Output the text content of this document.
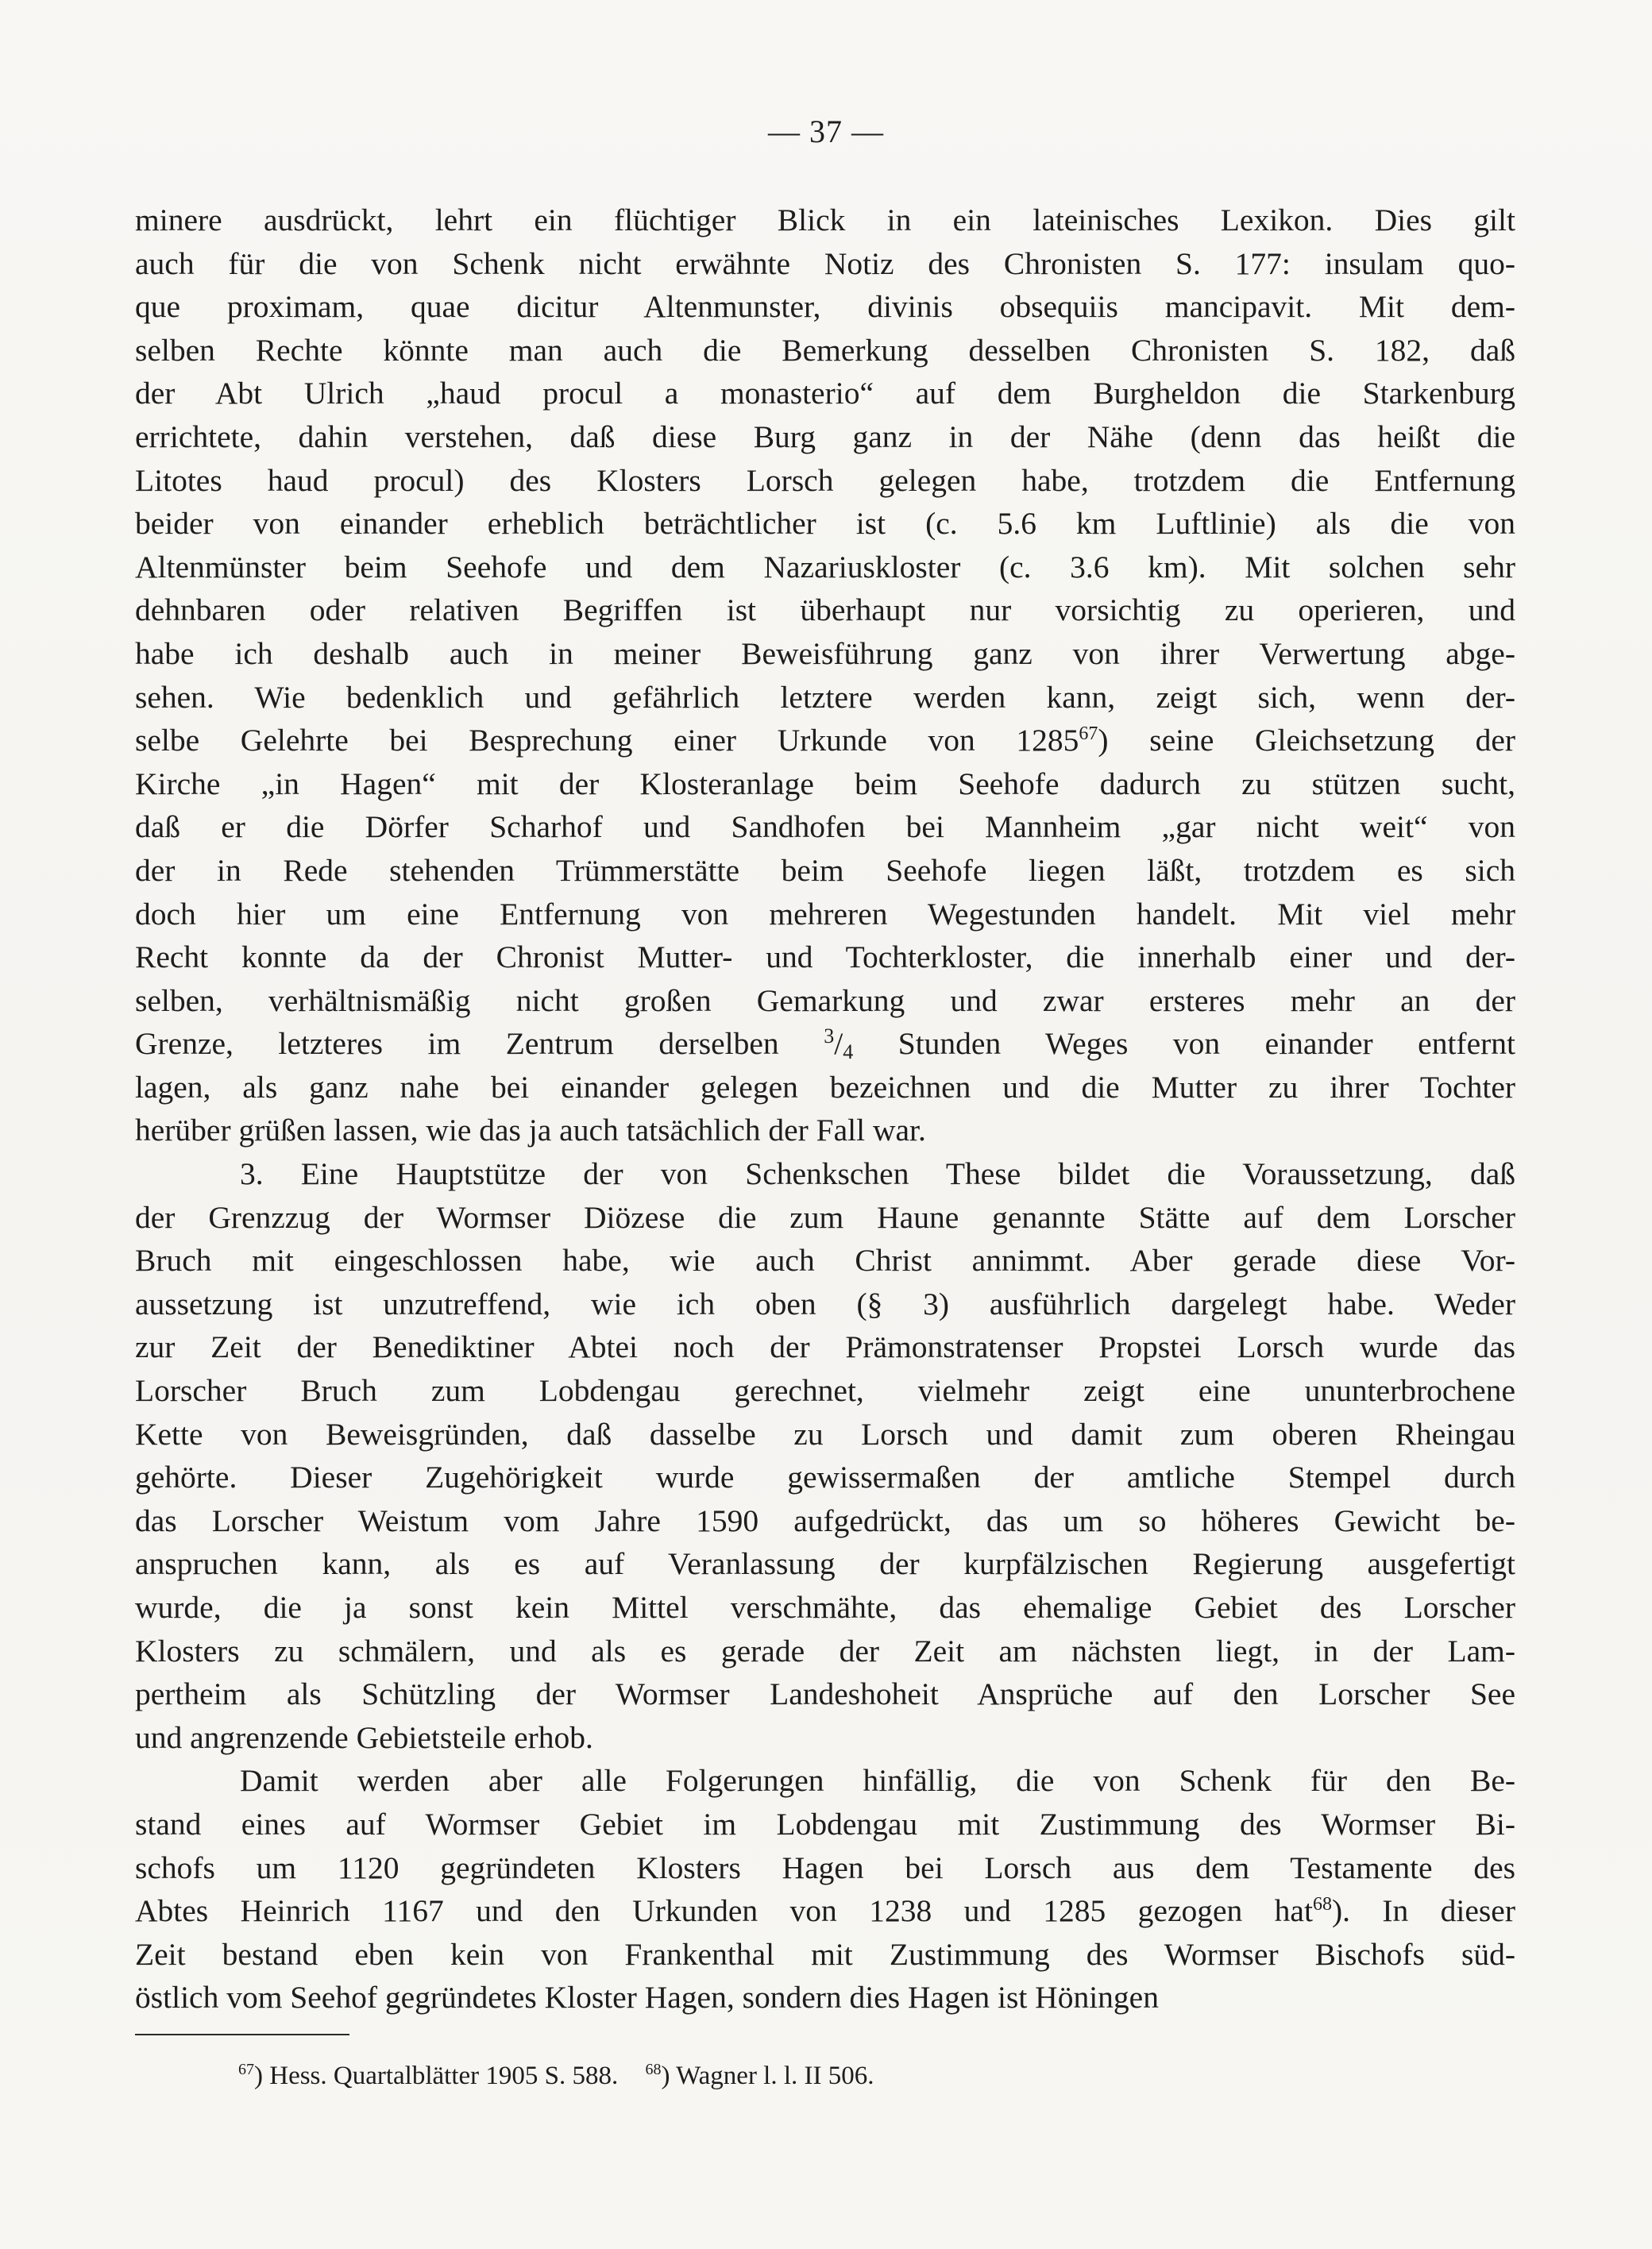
— 37 —
minere ausdrückt, lehrt ein flüchtiger Blick in ein lateinisches Lexikon. Dies gilt
auch für die von Schenk nicht erwähnte Notiz des Chronisten S. 177: insulam quo-
que proximam, quae dicitur Altenmunster, divinis obsequiis mancipavit. Mit dem-
selben Rechte könnte man auch die Bemerkung desselben Chronisten S. 182, daß
der Abt Ulrich „haud procul a monasterio“ auf dem Burgheldon die Starkenburg
errichtete, dahin verstehen, daß diese Burg ganz in der Nähe (denn das heißt die
Litotes haud procul) des Klosters Lorsch gelegen habe, trotzdem die Entfernung
beider von einander erheblich beträchtlicher ist (c. 5.6 km Luftlinie) als die von
Altenmünster beim Seehofe und dem Nazariuskloster (c. 3.6 km). Mit solchen sehr
dehnbaren oder relativen Begriffen ist überhaupt nur vorsichtig zu operieren, und
habe ich deshalb auch in meiner Beweisführung ganz von ihrer Verwertung abge-
sehen. Wie bedenklich und gefährlich letztere werden kann, zeigt sich, wenn der-
selbe Gelehrte bei Besprechung einer Urkunde von 1285$^{67}$) seine Gleichsetzung der
Kirche „in Hagen“ mit der Klosteranlage beim Seehofe dadurch zu stützen sucht,
daß er die Dörfer Scharhof und Sandhofen bei Mannheim „gar nicht weit“ von
der in Rede stehenden Trümmerstätte beim Seehofe liegen läßt, trotzdem es sich
doch hier um eine Entfernung von mehreren Wegestunden handelt. Mit viel mehr
Recht konnte da der Chronist Mutter- und Tochterkloster, die innerhalb einer und der-
selben, verhältnismäßig nicht großen Gemarkung und zwar ersteres mehr an der
Grenze, letzteres im Zentrum derselben $^3$/4 Stunden Weges von einander entfernt
lagen, als ganz nahe bei einander gelegen bezeichnen und die Mutter zu ihrer Tochter
herüber grüßen lassen, wie das ja auch tatsächlich der Fall war.
3. Eine Hauptstütze der von Schenkschen These bildet die Voraussetzung, daß
der Grenzzug der Wormser Diözese die zum Haune genannte Stätte auf dem Lorscher
Bruch mit eingeschlossen habe, wie auch Christ annimmt. Aber gerade diese Vor-
aussetzung ist unzutreffend, wie ich oben (§ 3) ausführlich dargelegt habe. Weder
zur Zeit der Benediktiner Abtei noch der Prämonstratenser Propstei Lorsch wurde das
Lorscher Bruch zum Lobdengau gerechnet, vielmehr zeigt eine ununterbrochene
Kette von Beweisgründen, daß dasselbe zu Lorsch und damit zum oberen Rheingau
gehörte. Dieser Zugehörigkeit wurde gewissermaßen der amtliche Stempel durch
das Lorscher Weistum vom Jahre 1590 aufgedrückt, das um so höheres Gewicht be-
anspruchen kann, als es auf Veranlassung der kurpfälzischen Regierung ausgefertigt
wurde, die ja sonst kein Mittel verschmähte, das ehemalige Gebiet des Lorscher
Klosters zu schmälern, und als es gerade der Zeit am nächsten liegt, in der Lam-
pertheim als Schützling der Wormser Landeshoheit Ansprüche auf den Lorscher See
und angrenzende Gebietsteile erhob.
Damit werden aber alle Folgerungen hinfällig, die von Schenk für den Be-
stand eines auf Wormser Gebiet im Lobdengau mit Zustimmung des Wormser Bi-
schofs um 1120 gegründeten Klosters Hagen bei Lorsch aus dem Testamente des
Abtes Heinrich 1167 und den Urkunden von 1238 und 1285 gezogen hat$^{68}$). In dieser
Zeit bestand eben kein von Frankenthal mit Zustimmung des Wormser Bischofs süd-
östlich vom Seehof gegründetes Kloster Hagen, sondern dies Hagen ist Höningen
$^{67}$) Hess. Quartalblätter 1905 S. 588. $^{68}$) Wagner l. l. II 506.
